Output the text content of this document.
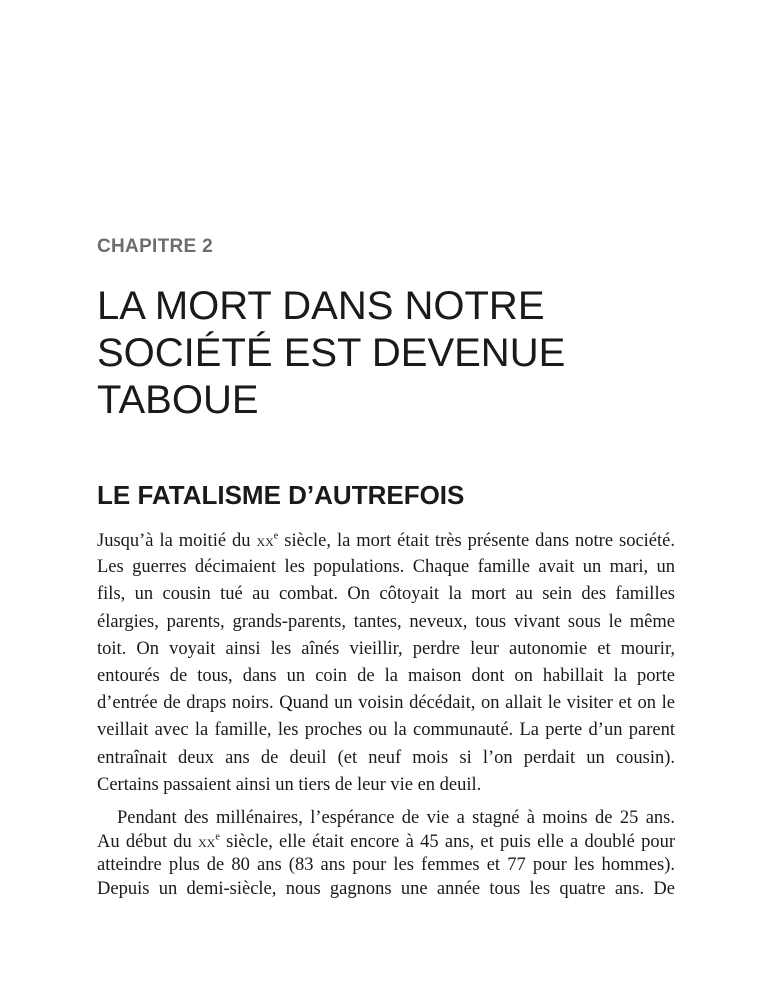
CHAPITRE 2
LA MORT DANS NOTRE
SOCIÉTÉ EST DEVENUE
TABOUE
LE FATALISME D’AUTREFOIS

Jusqu’à la moitié du $xx^e$ siècle, la mort était très présente dans notre société.
Les guerres décimaient les populations. Chaque famille avait un mari, un
fils, un cousin tué au combat. On côtoyait la mort au sein des familles
élargies, parents, grands-parents, tantes, neveux, tous vivant sous le même
toit. On voyait ainsi les aînés vieillir, perdre leur autonomie et mourir,
entourés de tous, dans un coin de la maison dont on habillait la porte
d’entrée de draps noirs. Quand un voisin décédait, on allait le visiter et on le
veillait avec la famille, les proches ou la communauté. La perte d’un parent
entraînait deux ans de deuil (et neuf mois si l’on perdait un cousin).
Certains passaient ainsi un tiers de leur vie en deuil.

Pendant des millénaires, l’espérance de vie a stagné à moins de 25 ans.
Au début du $xx^e$ siècle, elle était encore à 45 ans, et puis elle a doublé pour
atteindre plus de 80 ans (83 ans pour les femmes et 77 pour les hommes).
Depuis un demi-siècle, nous gagnons une année tous les quatre ans. De
